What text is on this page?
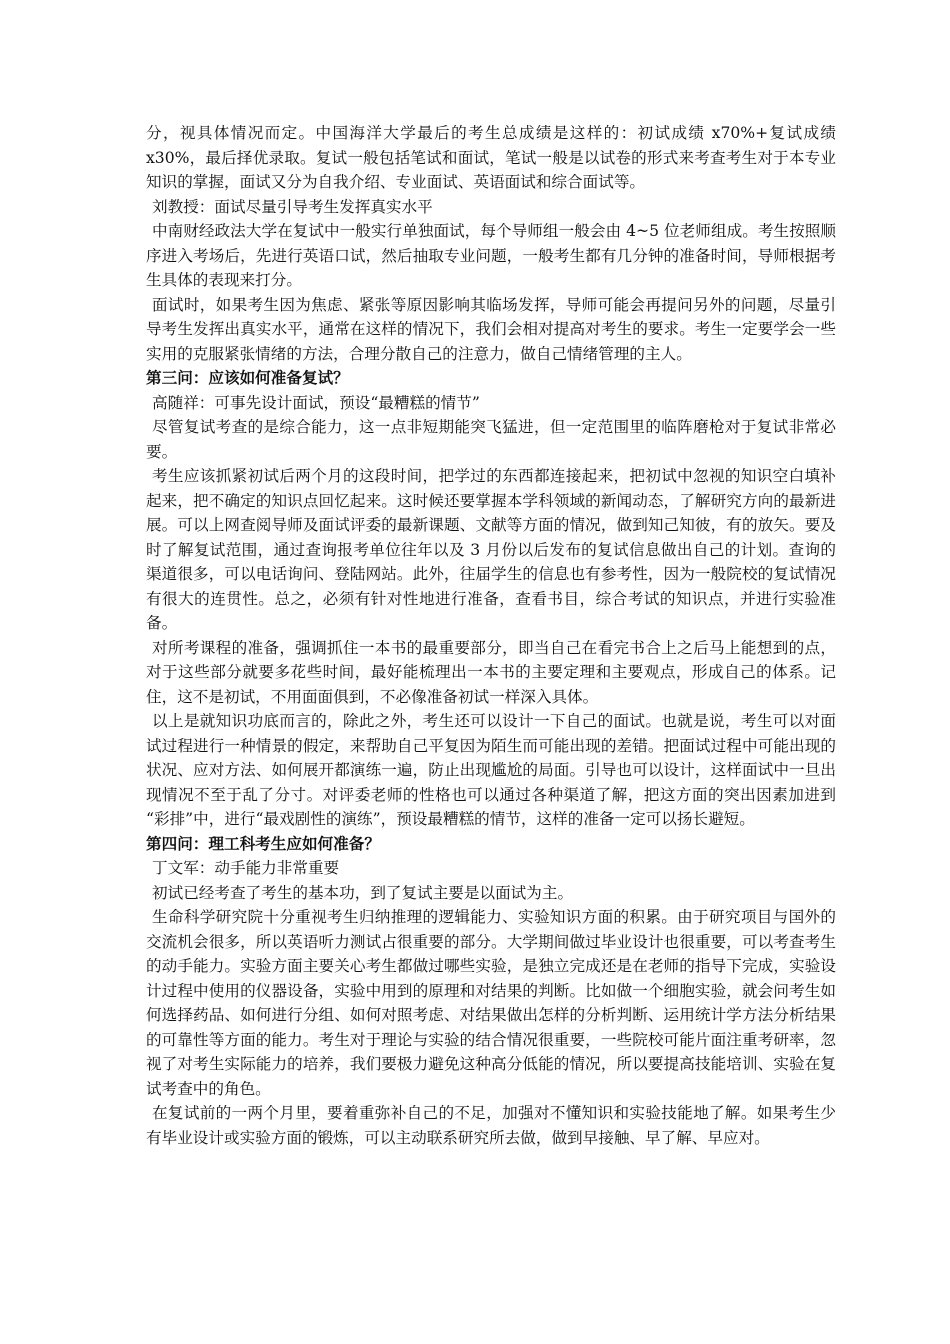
分，视具体情况而定。中国海洋大学最后的考生总成绩是这样的：初试成绩 x70%+复试成绩 x30%，最后择优录取。复试一般包括笔试和面试，笔试一般是以试卷的形式来考查考生对于本专业知识的掌握，面试又分为自我介绍、专业面试、英语面试和综合面试等。

刘教授：面试尽量引导考生发挥真实水平

中南财经政法大学在复试中一般实行单独面试，每个导师组一般会由 4~5 位老师组成。考生按照顺序进入考场后，先进行英语口试，然后抽取专业问题，一般考生都有几分钟的准备时间，导师根据考生具体的表现来打分。

面试时，如果考生因为焦虑、紧张等原因影响其临场发挥，导师可能会再提问另外的问题，尽量引导考生发挥出真实水平，通常在这样的情况下，我们会相对提高对考生的要求。考生一定要学会一些实用的克服紧张情绪的方法，合理分散自己的注意力，做自己情绪管理的主人。

第三问：应该如何准备复试？

高随祥：可事先设计面试，预设“最糟糕的情节”

尽管复试考查的是综合能力，这一点非短期能突飞猛进，但一定范围里的临阵磨枪对于复试非常必要。

考生应该抓紧初试后两个月的这段时间，把学过的东西都连接起来，把初试中忽视的知识空白填补起来，把不确定的知识点回忆起来。这时候还要掌握本学科领域的新闻动态，了解研究方向的最新进展。可以上网查阅导师及面试评委的最新课题、文献等方面的情况，做到知己知彼，有的放矢。要及时了解复试范围，通过查询报考单位往年以及 3 月份以后发布的复试信息做出自己的计划。查询的渠道很多，可以电话询问、登陆网站。此外，往届学生的信息也有参考性，因为一般院校的复试情况有很大的连贯性。总之，必须有针对性地进行准备，查看书目，综合考试的知识点，并进行实验准备。

对所考课程的准备，强调抓住一本书的最重要部分，即当自己在看完书合上之后马上能想到的点，对于这些部分就要多花些时间，最好能梳理出一本书的主要定理和主要观点，形成自己的体系。记住，这不是初试，不用面面俱到，不必像准备初试一样深入具体。

以上是就知识功底而言的，除此之外，考生还可以设计一下自己的面试。也就是说，考生可以对面试过程进行一种情景的假定，来帮助自己平复因为陌生而可能出现的差错。把面试过程中可能出现的状况、应对方法、如何展开都演练一遍，防止出现尴尬的局面。引导也可以设计，这样面试中一旦出现情况不至于乱了分寸。对评委老师的性格也可以通过各种渠道了解，把这方面的突出因素加进到 “彩排”中，进行“最戏剧性的演练”，预设最糟糕的情节，这样的准备一定可以扬长避短。

第四问：理工科考生应如何准备？

丁文军：动手能力非常重要

初试已经考查了考生的基本功，到了复试主要是以面试为主。

生命科学研究院十分重视考生归纳推理的逻辑能力、实验知识方面的积累。由于研究项目与国外的交流机会很多，所以英语听力测试占很重要的部分。大学期间做过毕业设计也很重要，可以考查考生的动手能力。实验方面主要关心考生都做过哪些实验，是独立完成还是在老师的指导下完成，实验设计过程中使用的仪器设备，实验中用到的原理和对结果的判断。比如做一个细胞实验，就会问考生如何选择药品、如何进行分组、如何对照考虑、对结果做出怎样的分析判断、运用统计学方法分析结果的可靠性等方面的能力。考生对于理论与实验的结合情况很重要，一些院校可能片面注重考研率，忽视了对考生实际能力的培养，我们要极力避免这种高分低能的情况，所以要提高技能培训、实验在复试考查中的角色。

在复试前的一两个月里，要着重弥补自己的不足，加强对不懂知识和实验技能地了解。如果考生少有毕业设计或实验方面的锻炼，可以主动联系研究所去做，做到早接触、早了解、早应对。
